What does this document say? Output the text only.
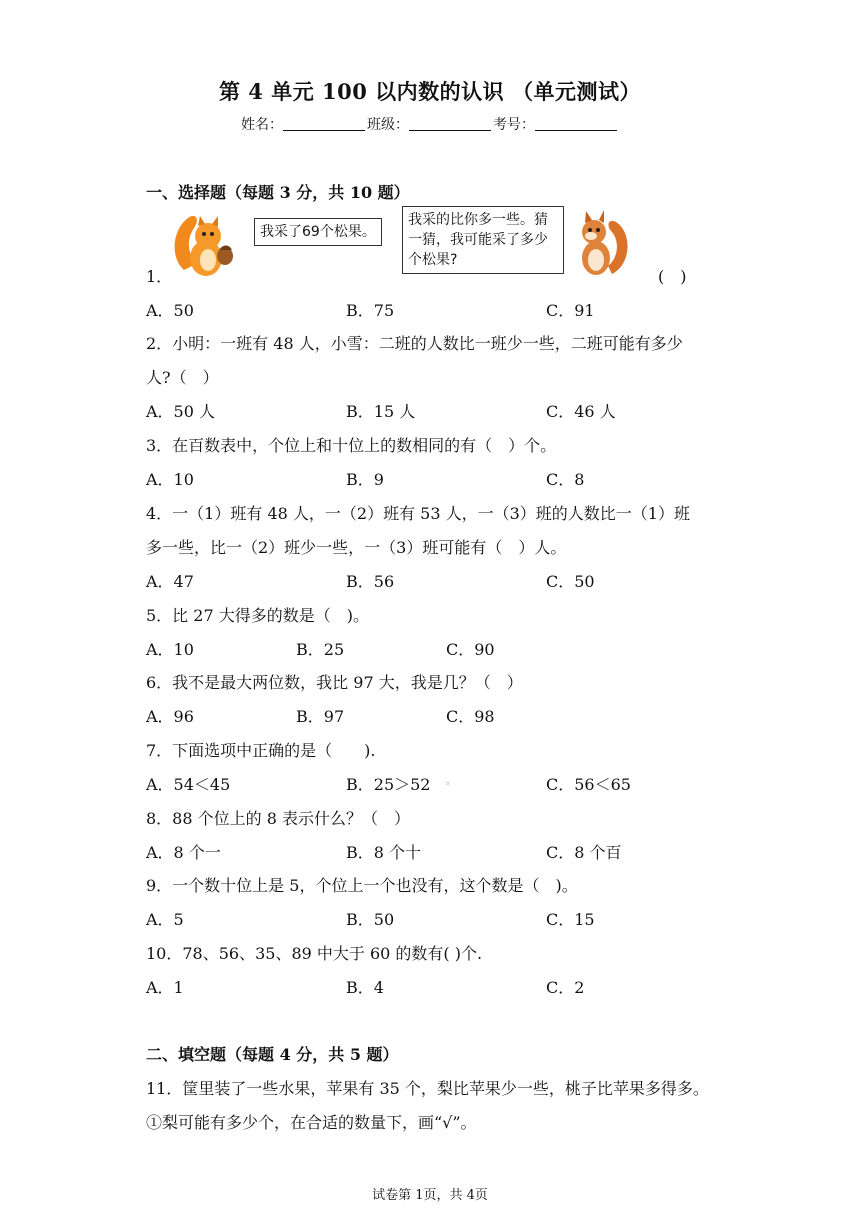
第 4 单元 100 以内数的认识 （单元测试）
姓名：	班级：	考号：
一、选择题（每题 3 分，共 10 题）
我采了69个松果。
我采的比你多一些。猜一猜，我可能采了多少个松果?
1．	(　)
A．50	B．75	C．91
2．小明：一班有 48 人，小雪：二班的人数比一班少一些，二班可能有多少
人?（　）
A．50 人	B．15 人	C．46 人
3．在百数表中，个位上和十位上的数相同的有（　）个。
A．10	B．9	C．8
4．一（1）班有 48 人，一（2）班有 53 人，一（3）班的人数比一（1）班
多一些，比一（2）班少一些，一（3）班可能有（　）人。
A．47	B．56	C．50
5．比 27 大得多的数是（　)。
A．10	B．25	C．90
6．我不是最大两位数，我比 97 大，我是几？（　）
A．96	B．97	C．98
7．下面选项中正确的是（　　).
A．54＜45	B．25＞52 。	C．56＜65
8．88 个位上的 8 表示什么？（　）
A．8 个一	B．8 个十	C．8 个百
9．一个数十位上是 5，个位上一个也没有，这个数是（　)。
A．5	B．50	C．15
10．78、56、35、89 中大于 60 的数有( )个.
A．1	B．4	C．2
二、填空题（每题 4 分，共 5 题）
11．筐里装了一些水果，苹果有 35 个，梨比苹果少一些，桃子比苹果多得多。
①梨可能有多少个，在合适的数量下，画“√”。
试卷第 1页，共 4页
